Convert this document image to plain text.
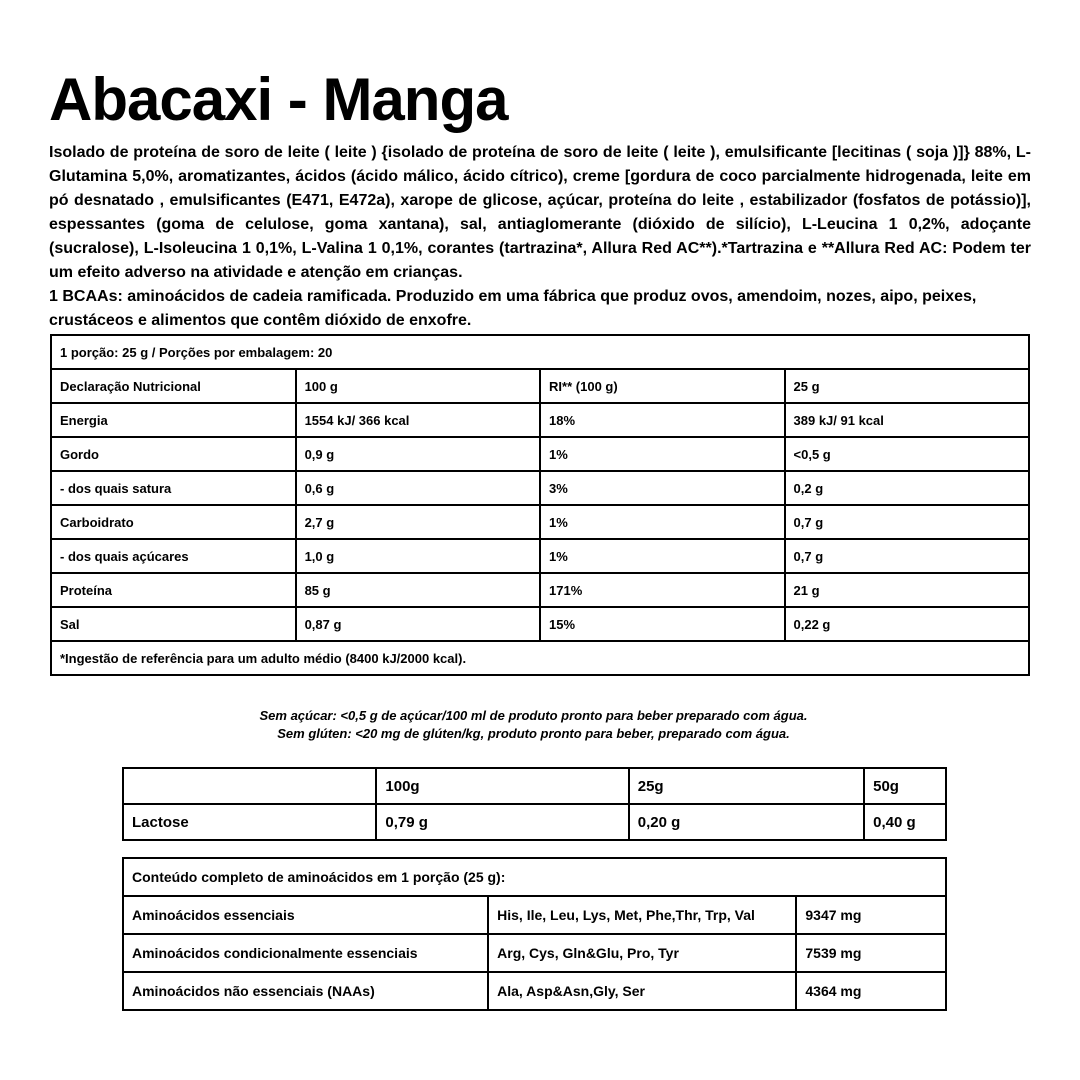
Abacaxi - Manga

Isolado de proteína de soro de leite ( leite ) {isolado de proteína de soro de leite ( leite ), emulsificante [lecitinas ( soja )]} 88%, L-Glutamina 5,0%, aromatizantes, ácidos (ácido málico, ácido cítrico), creme [gordura de coco parcialmente hidrogenada, leite em pó desnatado , emulsificantes (E471, E472a), xarope de glicose, açúcar, proteína do leite , estabilizador (fosfatos de potássio)], espessantes (goma de celulose, goma xantana), sal, antiaglomerante (dióxido de silício), L-Leucina 1 0,2%, adoçante (sucralose), L-Isoleucina 1 0,1%, L-Valina 1 0,1%, corantes (tartrazina*, Allura Red AC**).*Tartrazina e **Allura Red AC: Podem ter um efeito adverso na atividade e atenção em crianças.

1 BCAAs: aminoácidos de cadeia ramificada. Produzido em uma fábrica que produz ovos, amendoim, nozes, aipo, peixes, crustáceos e alimentos que contêm dióxido de enxofre.

1 porção: 25 g / Porções por embalagem: 20			
Declaração Nutricional	100 g	RI** (100 g)	25 g
Energia	1554 kJ/ 366 kcal	18%	389 kJ/ 91 kcal
Gordo	0,9 g	1%	<0,5 g
- dos quais satura	0,6 g	3%	0,2 g
Carboidrato	2,7 g	1%	0,7 g
- dos quais açúcares	1,0 g	1%	0,7 g
Proteína	85 g	171%	21 g
Sal	0,87 g	15%	0,22 g
*Ingestão de referência para um adulto médio (8400 kJ/2000 kcal).			
Sem açúcar: <0,5 g de açúcar/100 ml de produto pronto para beber preparado com água.
Sem glúten: <20 mg de glúten/kg, produto pronto para beber, preparado com água.
	100g	25g	50g
Lactose	0,79 g	0,20 g	0,40 g
Conteúdo completo de aminoácidos em 1 porção (25 g):		
Aminoácidos essenciais	His, Ile, Leu, Lys, Met, Phe,Thr, Trp, Val	9347 mg
Aminoácidos condicionalmente essenciais	Arg, Cys, Gln&Glu, Pro, Tyr	7539 mg
Aminoácidos não essenciais (NAAs)	Ala, Asp&Asn,Gly, Ser	4364 mg
